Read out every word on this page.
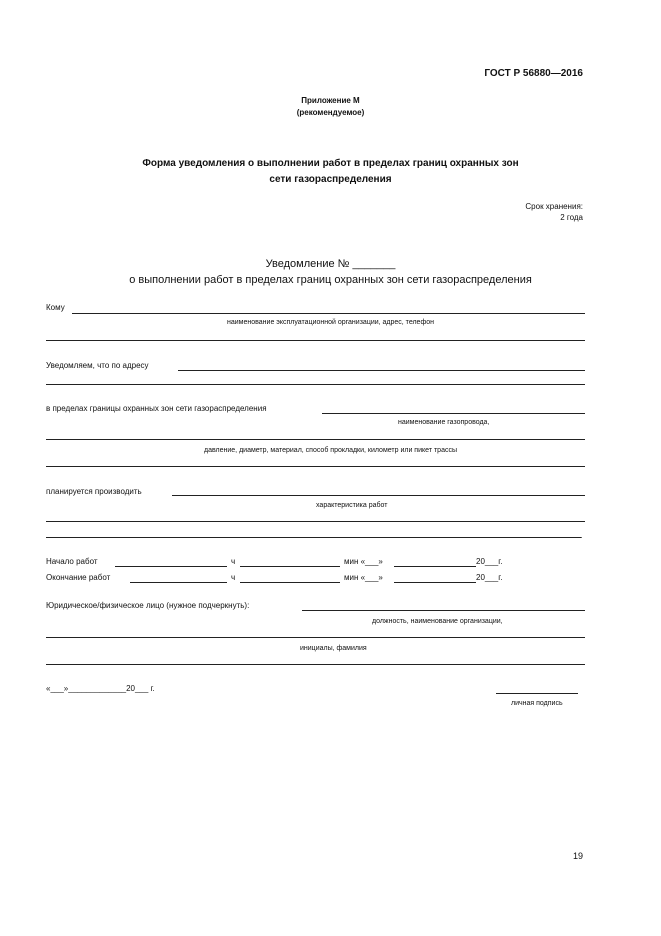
ГОСТ Р 56880—2016
Приложение М
(рекомендуемое)
Форма уведомления о выполнении работ в пределах границ охранных зон
сети газораспределения
Срок хранения:
2 года
Уведомление № _______
о выполнении работ в пределах границ охранных зон сети газораспределения
Кому
наименование эксплуатационной организации, адрес, телефон
Уведомляем, что по адресу
в пределах границы охранных зон сети газораспределения
наименование газопровода,
давление, диаметр, материал, способ прокладки, километр или пикет трассы
планируется производить
характеристика работ
.
Начало работ	ч	мин «___»	20___г.
Окончание работ	ч	мин «___»	20___г.
Юридическое/физическое лицо (нужное подчеркнуть):
должность, наименование организации,
инициалы, фамилия
«___»_____________20___ г.
личная подпись
19
